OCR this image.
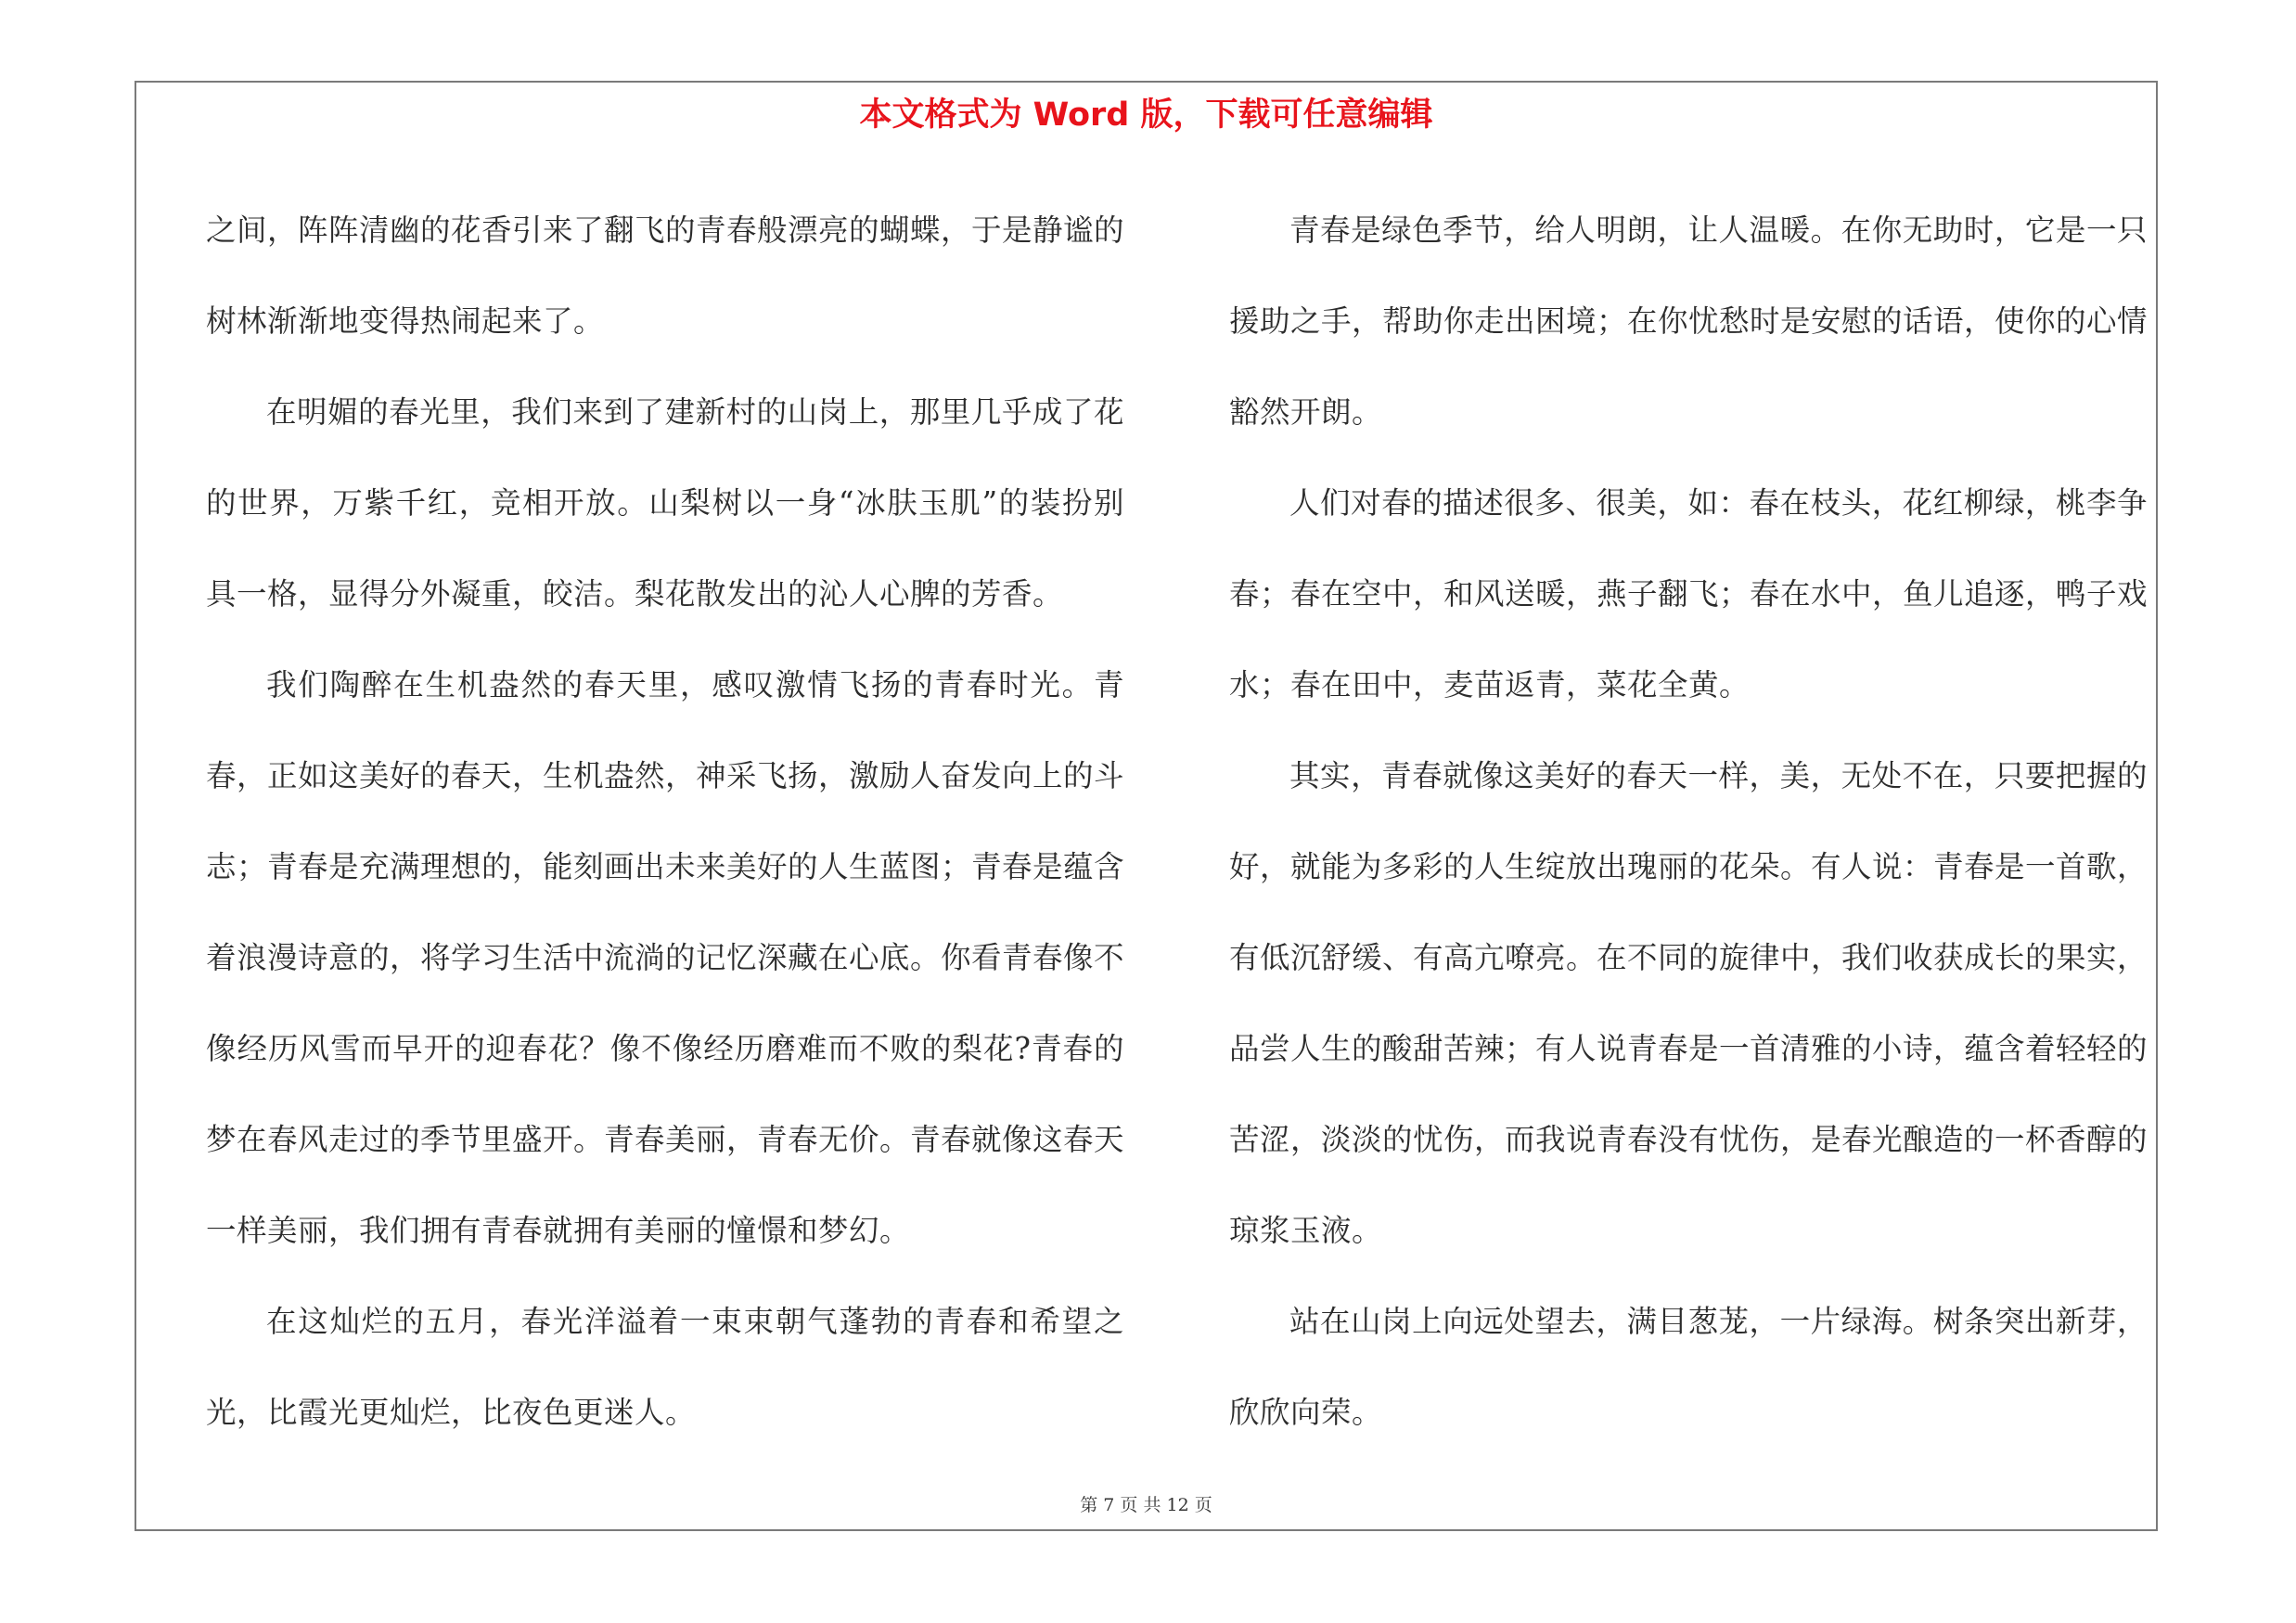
本文格式为 Word 版，下载可任意编辑

之间，阵阵清幽的花香引来了翻飞的青春般漂亮的蝴蝶，于是静谧的树林渐渐地变得热闹起来了。

在明媚的春光里，我们来到了建新村的山岗上，那里几乎成了花的世界，万紫千红，竞相开放。山梨树以一身“冰肤玉肌”的装扮别具一格，显得分外凝重，皎洁。梨花散发出的沁人心脾的芳香。

我们陶醉在生机盎然的春天里，感叹激情飞扬的青春时光。青春，正如这美好的春天，生机盎然，神采飞扬，激励人奋发向上的斗志；青春是充满理想的，能刻画出未来美好的人生蓝图；青春是蕴含着浪漫诗意的，将学习生活中流淌的记忆深藏在心底。你看青春像不像经历风雪而早开的迎春花？像不像经历磨难而不败的梨花?青春的梦在春风走过的季节里盛开。青春美丽，青春无价。青春就像这春天一样美丽，我们拥有青春就拥有美丽的憧憬和梦幻。

在这灿烂的五月，春光洋溢着一束束朝气蓬勃的青春和希望之光，比霞光更灿烂，比夜色更迷人。

青春是绿色季节，给人明朗，让人温暖。在你无助时，它是一只援助之手，帮助你走出困境；在你忧愁时是安慰的话语，使你的心情豁然开朗。

人们对春的描述很多、很美，如：春在枝头，花红柳绿，桃李争春；春在空中，和风送暖，燕子翻飞；春在水中，鱼儿追逐，鸭子戏水；春在田中，麦苗返青，菜花全黄。

其实，青春就像这美好的春天一样，美，无处不在，只要把握的好，就能为多彩的人生绽放出瑰丽的花朵。有人说：青春是一首歌，有低沉舒缓、有高亢嘹亮。在不同的旋律中，我们收获成长的果实，品尝人生的酸甜苦辣；有人说青春是一首清雅的小诗，蕴含着轻轻的苦涩，淡淡的忧伤，而我说青春没有忧伤，是春光酿造的一杯香醇的琼浆玉液。

站在山岗上向远处望去，满目葱茏，一片绿海。树条突出新芽，欣欣向荣。

第 7 页 共 12 页
